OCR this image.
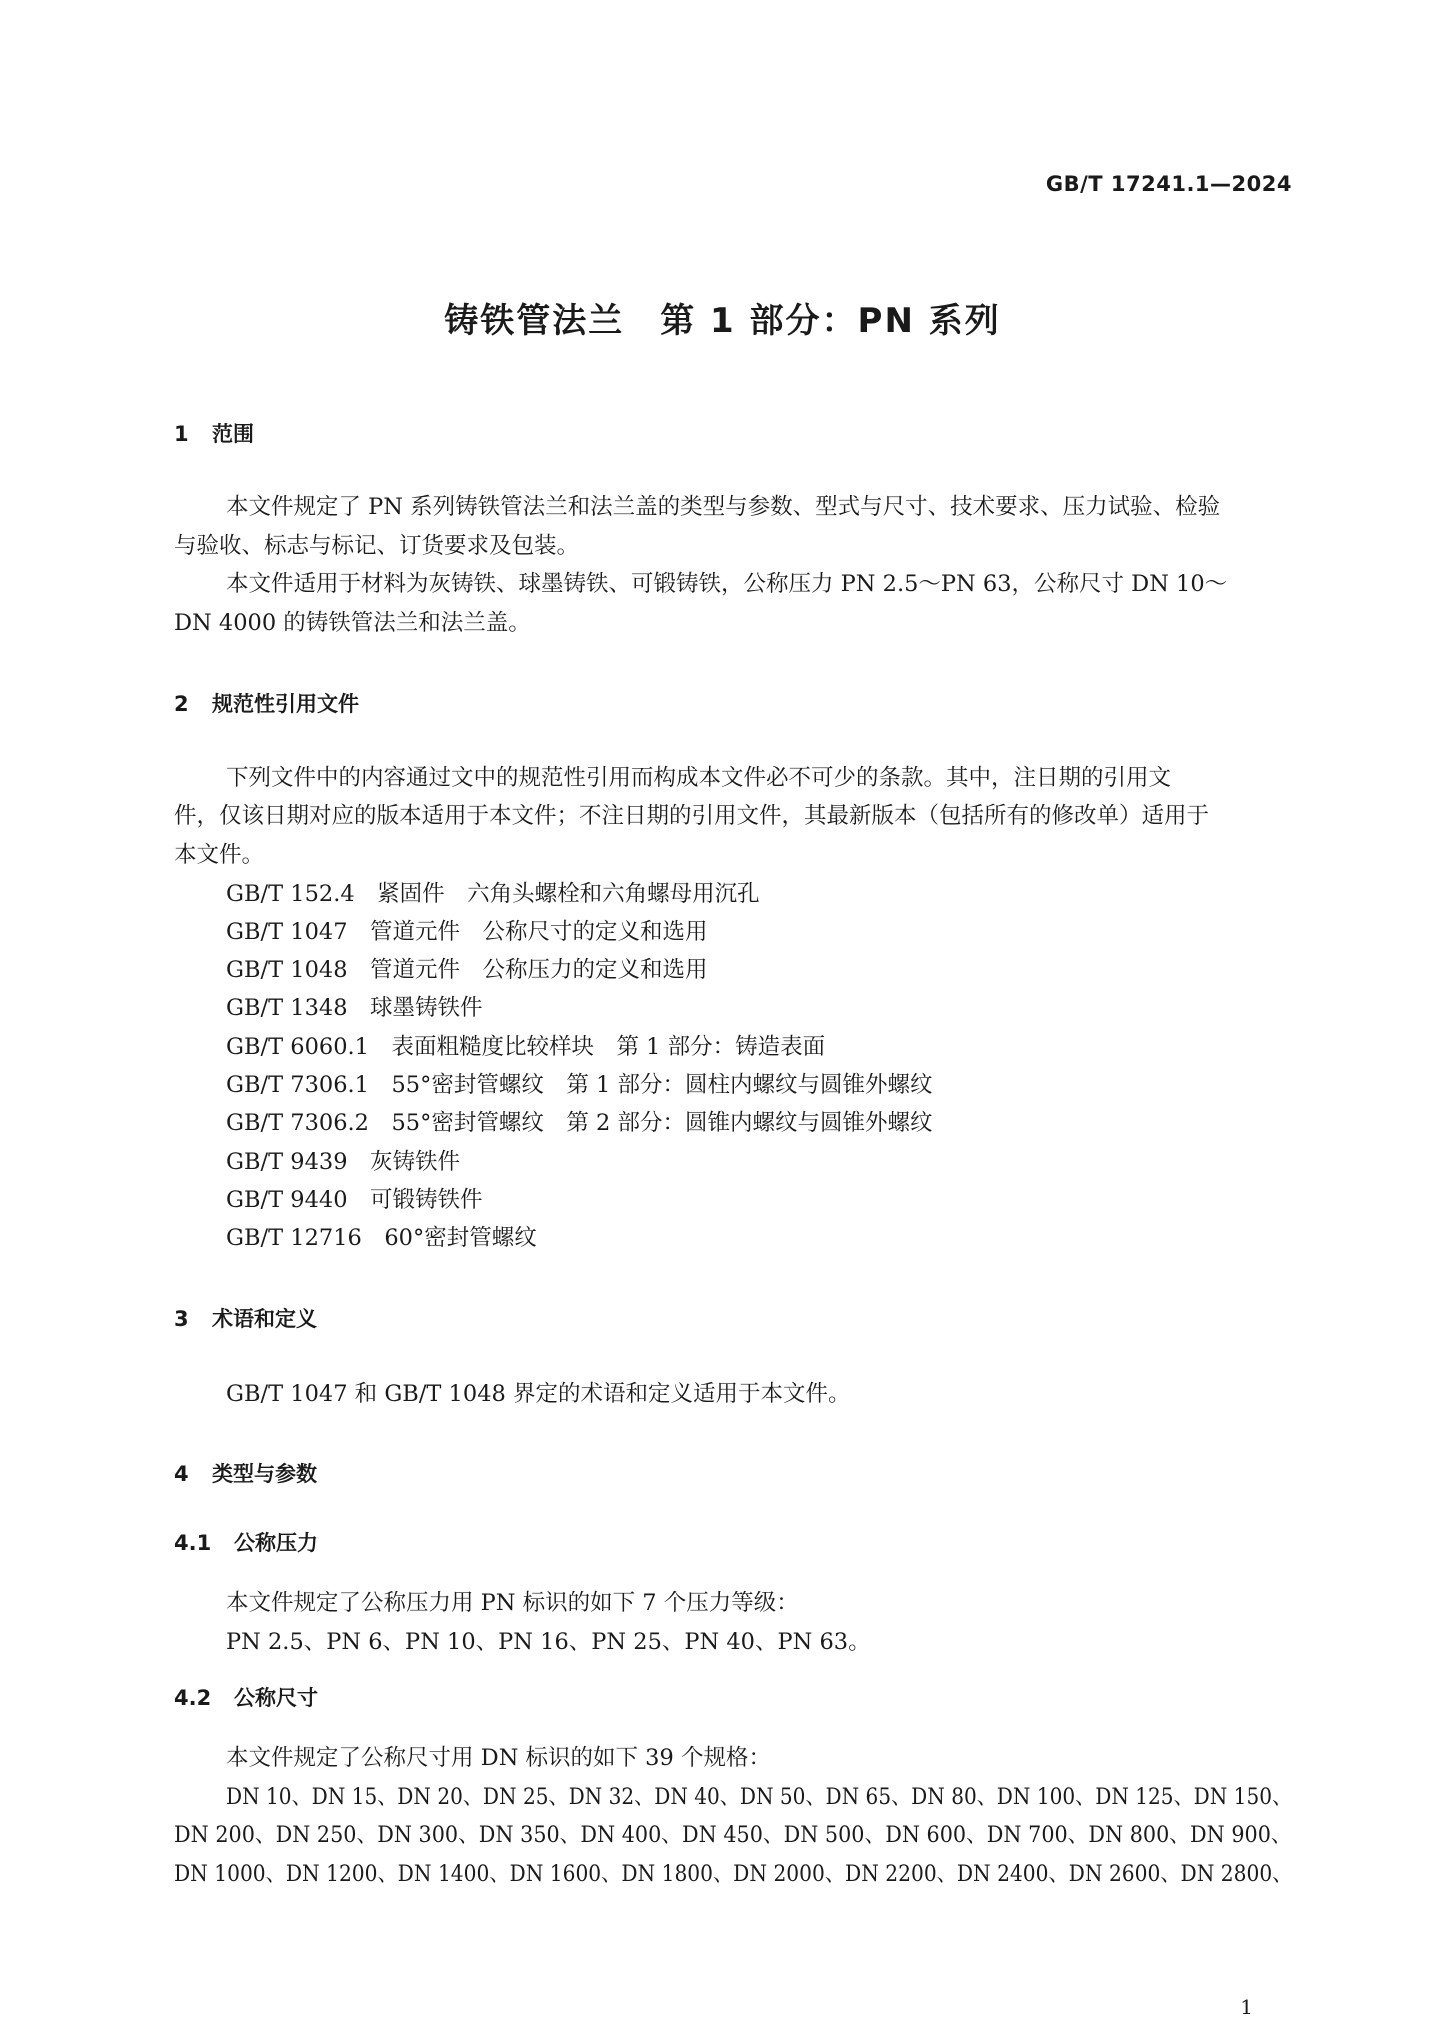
GB/T 17241.1—2024
铸铁管法兰　第 1 部分：PN 系列
1 范围
本文件规定了 PN 系列铸铁管法兰和法兰盖的类型与参数、型式与尺寸、技术要求、压力试验、检验
与验收、标志与标记、订货要求及包装。
本文件适用于材料为灰铸铁、球墨铸铁、可锻铸铁，公称压力 PN 2.5～PN 63，公称尺寸 DN 10～
DN 4000 的铸铁管法兰和法兰盖。
2 规范性引用文件
下列文件中的内容通过文中的规范性引用而构成本文件必不可少的条款。其中，注日期的引用文
件，仅该日期对应的版本适用于本文件；不注日期的引用文件，其最新版本（包括所有的修改单）适用于
本文件。
GB/T 152.4　紧固件　六角头螺栓和六角螺母用沉孔
GB/T 1047　管道元件　公称尺寸的定义和选用
GB/T 1048　管道元件　公称压力的定义和选用
GB/T 1348　球墨铸铁件
GB/T 6060.1　表面粗糙度比较样块　第 1 部分：铸造表面
GB/T 7306.1　55°密封管螺纹　第 1 部分：圆柱内螺纹与圆锥外螺纹
GB/T 7306.2　55°密封管螺纹　第 2 部分：圆锥内螺纹与圆锥外螺纹
GB/T 9439　灰铸铁件
GB/T 9440　可锻铸铁件
GB/T 12716　60°密封管螺纹
3 术语和定义
GB/T 1047 和 GB/T 1048 界定的术语和定义适用于本文件。
4 类型与参数
4.1 公称压力
本文件规定了公称压力用 PN 标识的如下 7 个压力等级：
PN 2.5、PN 6、PN 10、PN 16、PN 25、PN 40、PN 63。
4.2 公称尺寸
本文件规定了公称尺寸用 DN 标识的如下 39 个规格：
DN 10、DN 15、DN 20、DN 25、DN 32、DN 40、DN 50、DN 65、DN 80、DN 100、DN 125、DN 150、
DN 200、DN 250、DN 300、DN 350、DN 400、DN 450、DN 500、DN 600、DN 700、DN 800、DN 900、
DN 1000、DN 1200、DN 1400、DN 1600、DN 1800、DN 2000、DN 2200、DN 2400、DN 2600、DN 2800、
1
